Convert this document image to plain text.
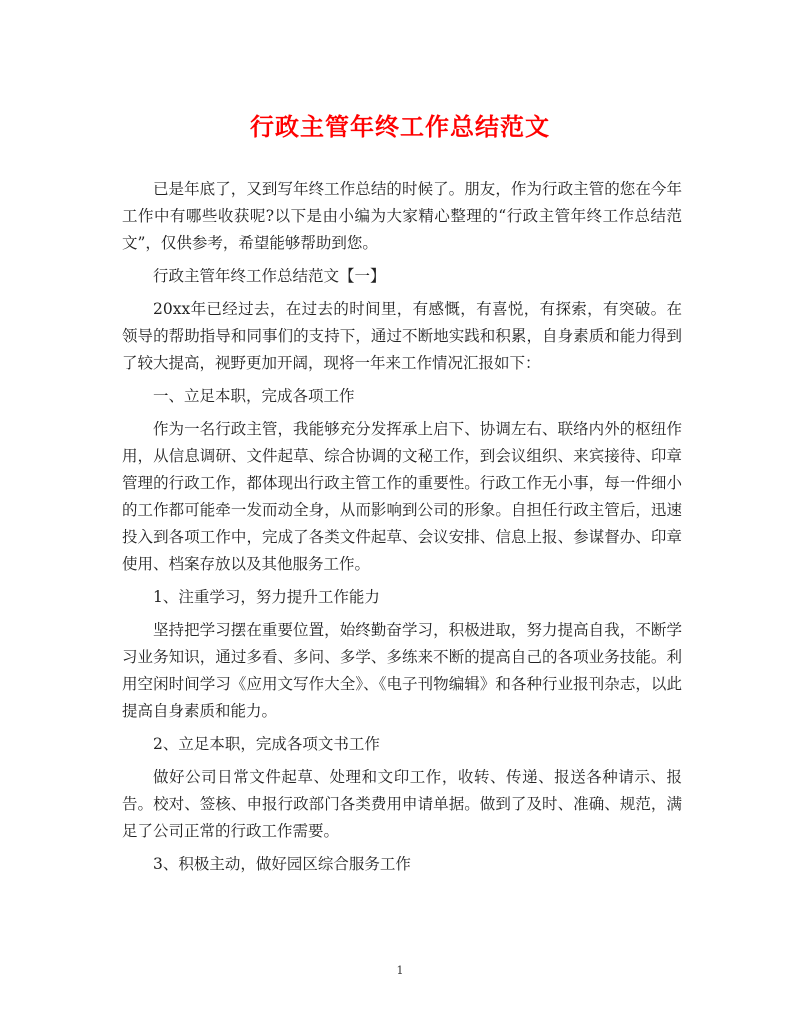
行政主管年终工作总结范文

已是年底了，又到写年终工作总结的时候了。朋友，作为行政主管的您在今年工作中有哪些收获呢?以下是由小编为大家精心整理的“行政主管年终工作总结范文”，仅供参考，希望能够帮助到您。

行政主管年终工作总结范文【一】

20xx年已经过去，在过去的时间里，有感慨，有喜悦，有探索，有突破。在领导的帮助指导和同事们的支持下，通过不断地实践和积累，自身素质和能力得到了较大提高，视野更加开阔，现将一年来工作情况汇报如下：

一、立足本职，完成各项工作

作为一名行政主管，我能够充分发挥承上启下、协调左右、联络内外的枢纽作用，从信息调研、文件起草、综合协调的文秘工作，到会议组织、来宾接待、印章管理的行政工作，都体现出行政主管工作的重要性。行政工作无小事，每一件细小的工作都可能牵一发而动全身，从而影响到公司的形象。自担任行政主管后，迅速投入到各项工作中，完成了各类文件起草、会议安排、信息上报、参谋督办、印章使用、档案存放以及其他服务工作。

1、注重学习，努力提升工作能力

坚持把学习摆在重要位置，始终勤奋学习，积极进取，努力提高自我，不断学习业务知识，通过多看、多问、多学、多练来不断的提高自己的各项业务技能。利用空闲时间学习《应用文写作大全》、《电子刊物编辑》和各种行业报刊杂志，以此提高自身素质和能力。

2、立足本职，完成各项文书工作

做好公司日常文件起草、处理和文印工作，收转、传递、报送各种请示、报告。校对、签核、申报行政部门各类费用申请单据。做到了及时、准确、规范，满足了公司正常的行政工作需要。

3、积极主动，做好园区综合服务工作

1
